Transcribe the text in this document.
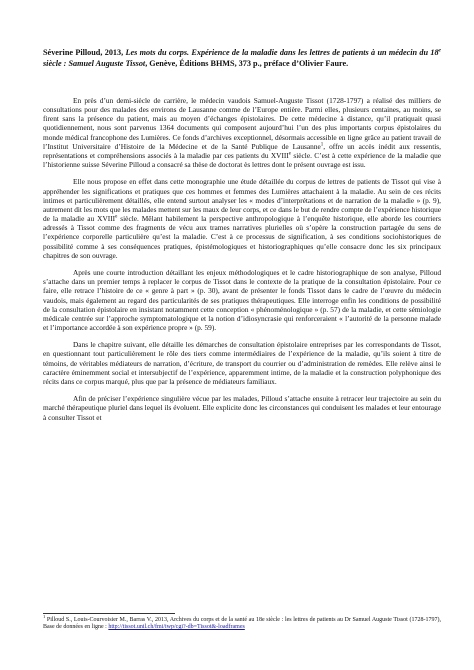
Séverine Pilloud, 2013, Les mots du corps. Expérience de la maladie dans les lettres de patients à un médecin du 18e siècle : Samuel Auguste Tissot, Genève, Éditions BHMS, 373 p., préface d’Olivier Faure.

En près d’un demi-siècle de carrière, le médecin vaudois Samuel-Auguste Tissot (1728-1797) a réalisé des milliers de consultations pour des malades des environs de Lausanne comme de l’Europe entière. Parmi elles, plusieurs centaines, au moins, se firent sans la présence du patient, mais au moyen d’échanges épistolaires. De cette médecine à distance, qu’il pratiquait quasi quotidiennement, nous sont parvenus 1364 documents qui composent aujourd’hui l’un des plus importants corpus épistolaires du monde médical francophone des Lumières. Ce fonds d’archives exceptionnel, désormais accessible en ligne grâce au patient travail de l’Institut Universitaire d’Histoire de la Médecine et de la Santé Publique de Lausanne$^1$, offre un accès inédit aux ressentis, représentations et compréhensions associés à la maladie par ces patients du XVIIIe siècle. C’est à cette expérience de la maladie que l’historienne suisse Séverine Pilloud a consacré sa thèse de doctorat ès lettres dont le présent ouvrage est issu.

Elle nous propose en effet dans cette monographie une étude détaillée du corpus de lettres de patients de Tissot qui vise à appréhender les significations et pratiques que ces hommes et femmes des Lumières attachaient à la maladie. Au sein de ces récits intimes et particulièrement détaillés, elle entend surtout analyser les « modes d’interprétations et de narration de la maladie » (p. 9), autrement dit les mots que les malades mettent sur les maux de leur corps, et ce dans le but de rendre compte de l’expérience historique de la maladie au XVIIIe siècle. Mêlant habilement la perspective anthropologique à l’enquête historique, elle aborde les courriers adressés à Tissot comme des fragments de vécu aux trames narratives plurielles où s’opère la construction partagée du sens de l’expérience corporelle particulière qu’est la maladie. C’est à ce processus de signification, à ses conditions sociohistoriques de possibilité comme à ses conséquences pratiques, épistémologiques et historiographiques qu’elle consacre donc les six principaux chapitres de son ouvrage.

Après une courte introduction détaillant les enjeux méthodologiques et le cadre historiographique de son analyse, Pilloud s’attache dans un premier temps à replacer le corpus de Tissot dans le contexte de la pratique de la consultation épistolaire. Pour ce faire, elle retrace l’histoire de ce « genre à part » (p. 30), avant de présenter le fonds Tissot dans le cadre de l’œuvre du médecin vaudois, mais également au regard des particularités de ses pratiques thérapeutiques. Elle interroge enfin les conditions de possibilité de la consultation épistolaire en insistant notamment cette conception « phénoménologique » (p. 57) de la maladie, et cette sémiologie médicale centrée sur l’approche symptomatologique et la notion d’idiosyncrasie qui renforceraient « l’autorité de la personne malade et l’importance accordée à son expérience propre » (p. 59).

Dans le chapitre suivant, elle détaille les démarches de consultation épistolaire entreprises par les correspondants de Tissot, en questionnant tout particulièrement le rôle des tiers comme intermédiaires de l’expérience de la maladie, qu’ils soient à titre de témoins, de véritables médiateurs de narration, d’écriture, de transport du courrier ou d’administration de remèdes. Elle relève ainsi le caractère éminemment social et intersubjectif de l’expérience, apparemment intime, de la maladie et la construction polyphonique des récits dans ce corpus marqué, plus que par la présence de médiateurs familiaux.

Afin de préciser l’expérience singulière vécue par les malades, Pilloud s’attache ensuite à retracer leur trajectoire au sein du marché thérapeutique pluriel dans lequel ils évoluent. Elle explicite donc les circonstances qui conduisent les malades et leur entourage à consulter Tissot et

$^1$ Pilloud S., Louis-Courvoisier M., Barras V., 2013, Archives du corps et de la santé au 18e siècle : les lettres de patients au Dr Samuel Auguste Tissot (1728-1797), Base de données en ligne : http://tissot.unil.ch/fmi/iwp/cgi?-db=Tissot&-loadframes
